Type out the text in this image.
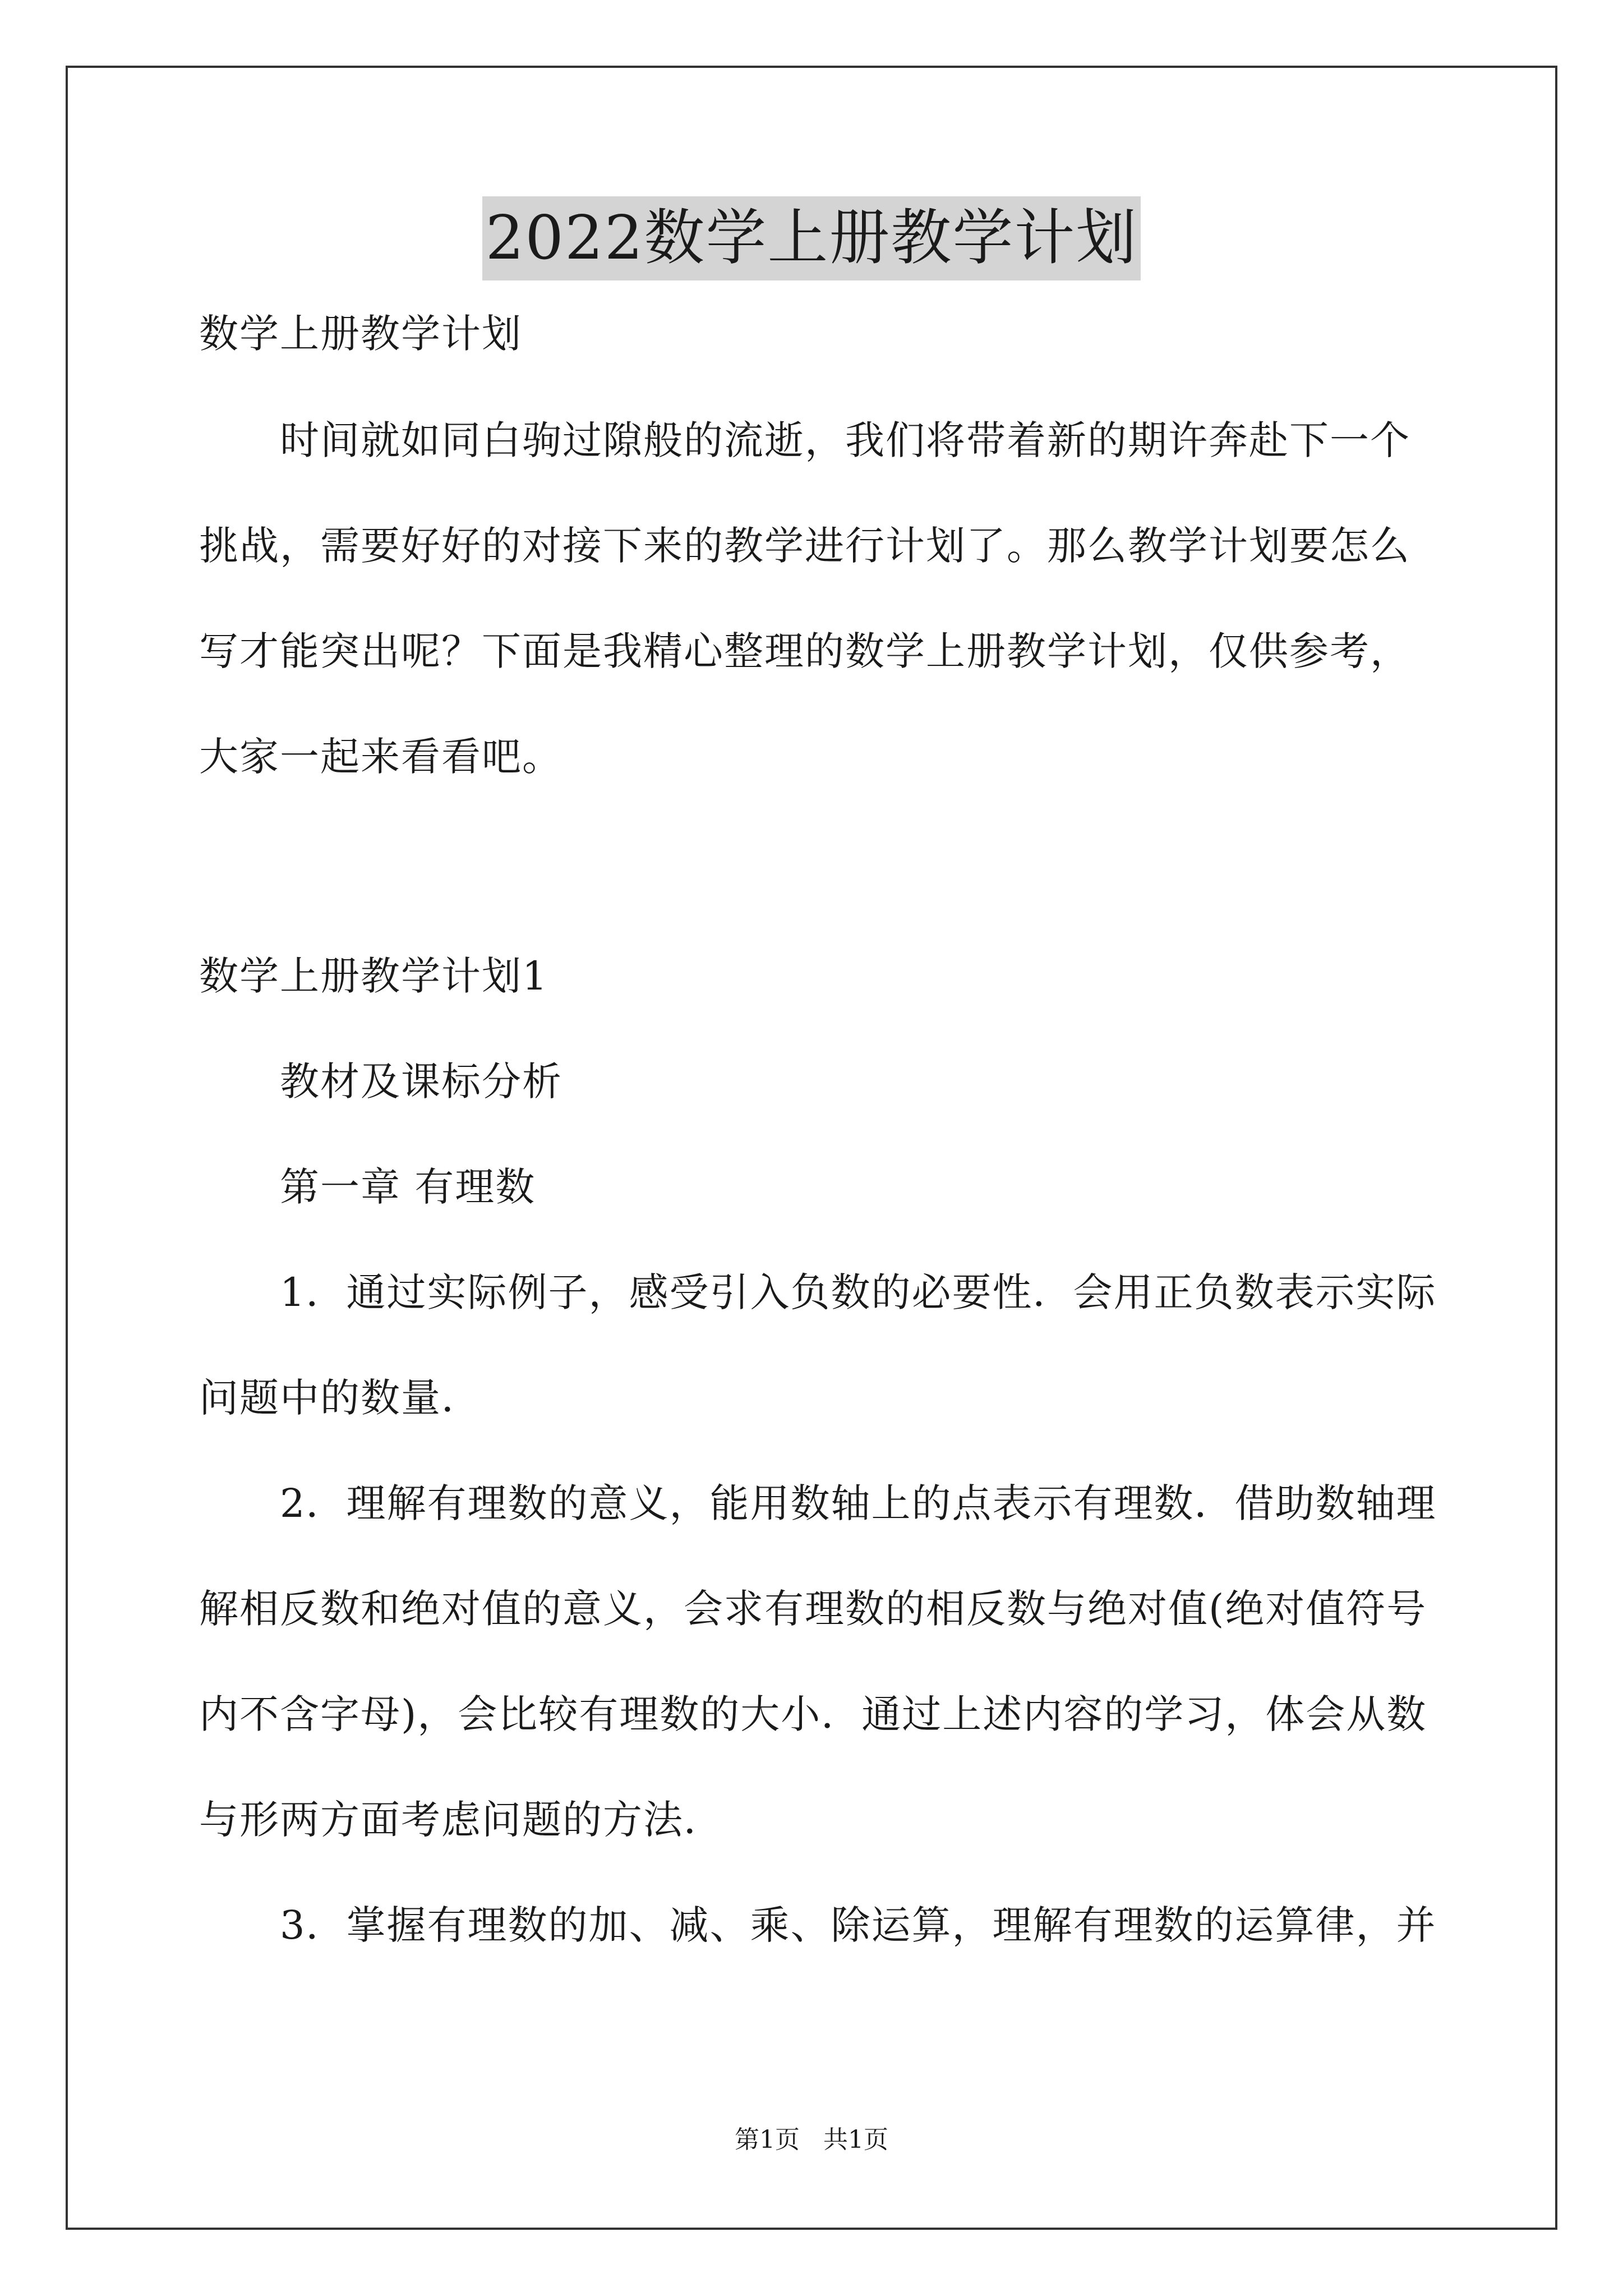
2022数学上册教学计划
数学上册教学计划
时间就如同白驹过隙般的流逝，我们将带着新的期许奔赴下一个
挑战，需要好好的对接下来的教学进行计划了。那么教学计划要怎么
写才能突出呢？下面是我精心整理的数学上册教学计划，仅供参考，
大家一起来看看吧。
数学上册教学计划1
教材及课标分析
第一章 有理数
1．通过实际例子，感受引入负数的必要性．会用正负数表示实际
问题中的数量．
2．理解有理数的意义，能用数轴上的点表示有理数．借助数轴理
解相反数和绝对值的意义，会求有理数的相反数与绝对值(绝对值符号
内不含字母)，会比较有理数的大小．通过上述内容的学习，体会从数
与形两方面考虑问题的方法．
3．掌握有理数的加、减、乘、除运算，理解有理数的运算律，并
第1页   共1页
